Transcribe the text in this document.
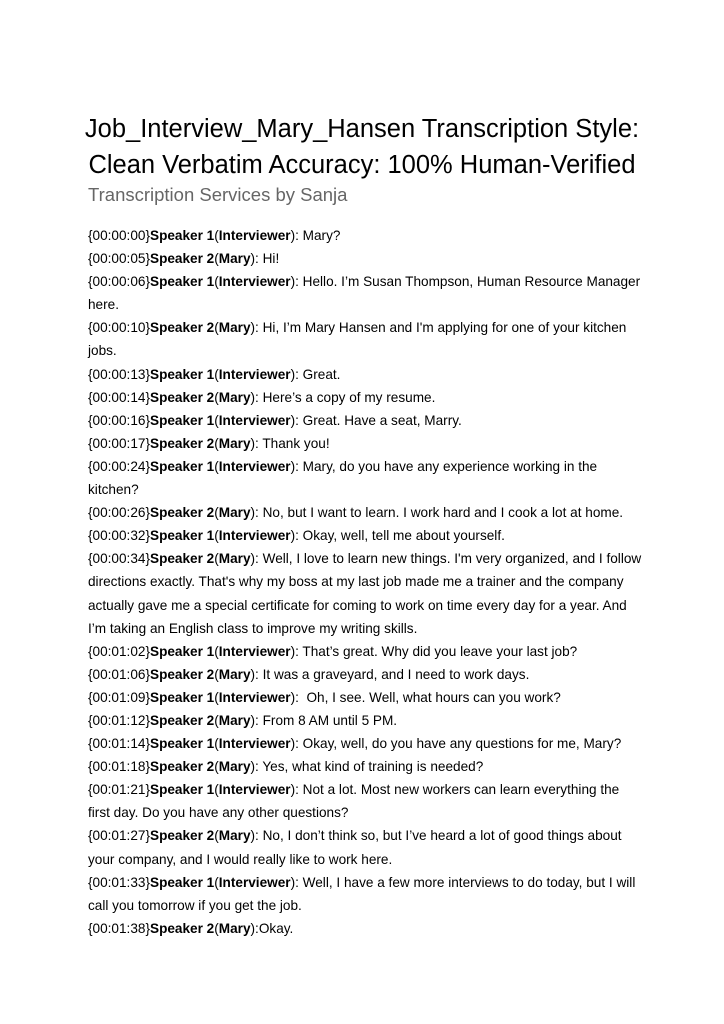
Job_Interview_Mary_Hansen Transcription Style:
Clean Verbatim Accuracy: 100% Human-Verified
Transcription Services by Sanja
{00:00:00}Speaker 1(Interviewer): Mary?
{00:00:05}Speaker 2(Mary): Hi!
{00:00:06}Speaker 1(Interviewer): Hello. I’m Susan Thompson, Human Resource Manager here.
{00:00:10}Speaker 2(Mary): Hi, I’m Mary Hansen and I'm applying for one of your kitchen jobs.
{00:00:13}Speaker 1(Interviewer): Great.
{00:00:14}Speaker 2(Mary): Here’s a copy of my resume.
{00:00:16}Speaker 1(Interviewer): Great. Have a seat, Marry.
{00:00:17}Speaker 2(Mary): Thank you!
{00:00:24}Speaker 1(Interviewer): Mary, do you have any experience working in the kitchen?
{00:00:26}Speaker 2(Mary): No, but I want to learn. I work hard and I cook a lot at home.
{00:00:32}Speaker 1(Interviewer): Okay, well, tell me about yourself.
{00:00:34}Speaker 2(Mary): Well, I love to learn new things. I'm very organized, and I follow directions exactly. That's why my boss at my last job made me a trainer and the company actually gave me a special certificate for coming to work on time every day for a year. And I’m taking an English class to improve my writing skills.
{00:01:02}Speaker 1(Interviewer): That’s great. Why did you leave your last job?
{00:01:06}Speaker 2(Mary): It was a graveyard, and I need to work days.
{00:01:09}Speaker 1(Interviewer):  Oh, I see. Well, what hours can you work?
{00:01:12}Speaker 2(Mary): From 8 AM until 5 PM.
{00:01:14}Speaker 1(Interviewer): Okay, well, do you have any questions for me, Mary?
{00:01:18}Speaker 2(Mary): Yes, what kind of training is needed?
{00:01:21}Speaker 1(Interviewer): Not a lot. Most new workers can learn everything the first day. Do you have any other questions?
{00:01:27}Speaker 2(Mary): No, I don’t think so, but I’ve heard a lot of good things about your company, and I would really like to work here.
{00:01:33}Speaker 1(Interviewer): Well, I have a few more interviews to do today, but I will call you tomorrow if you get the job.
{00:01:38}Speaker 2(Mary):Okay.
